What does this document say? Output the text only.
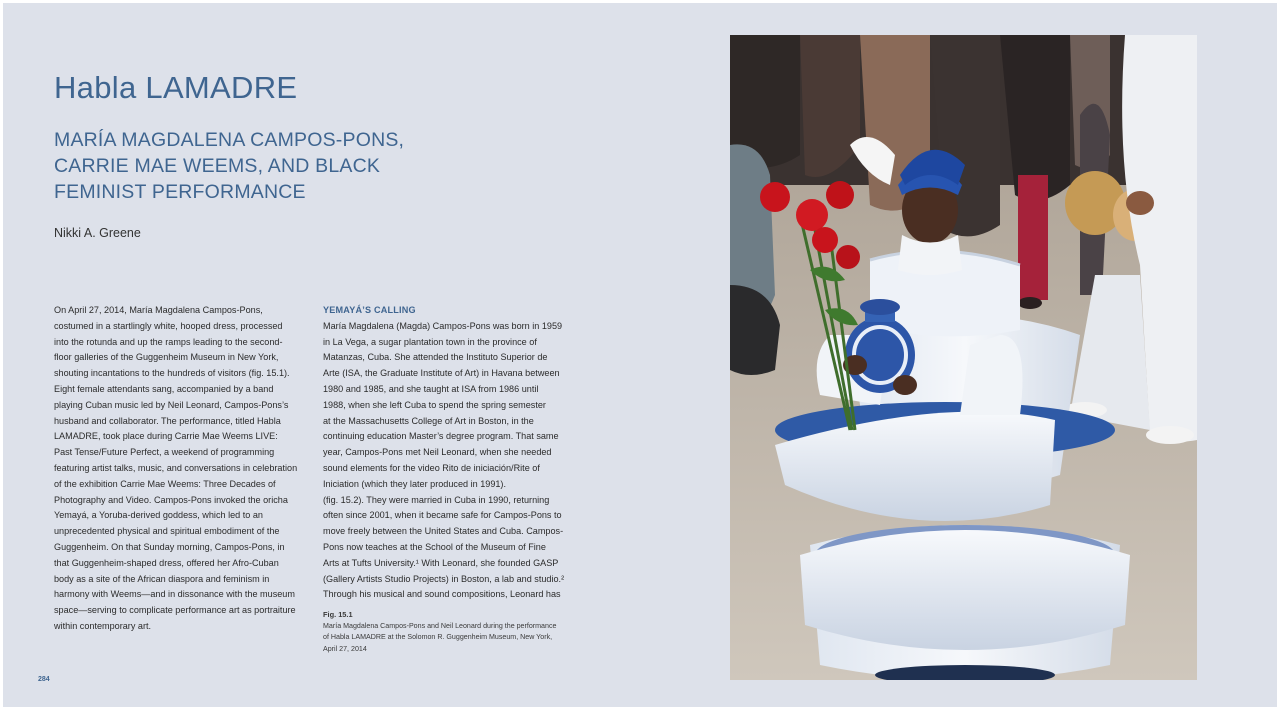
Habla LAMADRE
MARÍA MAGDALENA CAMPOS-PONS,
CARRIE MAE WEEMS, AND BLACK
FEMINIST PERFORMANCE
Nikki A. Greene
On April 27, 2014, María Magdalena Campos-Pons,
costumed in a startlingly white, hooped dress, processed
into the rotunda and up the ramps leading to the second-
floor galleries of the Guggenheim Museum in New York,
shouting incantations to the hundreds of visitors (fig. 15.1).
Eight female attendants sang, accompanied by a band
playing Cuban music led by Neil Leonard, Campos-Pons’s
husband and collaborator. The performance, titled Habla
LAMADRE, took place during Carrie Mae Weems LIVE:
Past Tense/Future Perfect, a weekend of programming
featuring artist talks, music, and conversations in celebration
of the exhibition Carrie Mae Weems: Three Decades of
Photography and Video. Campos-Pons invoked the oricha
Yemayá, a Yoruba-derived goddess, which led to an
unprecedented physical and spiritual embodiment of the
Guggenheim. On that Sunday morning, Campos-Pons, in
that Guggenheim-shaped dress, offered her Afro-Cuban
body as a site of the African diaspora and feminism in
harmony with Weems—and in dissonance with the museum
space—serving to complicate performance art as portraiture
within contemporary art.
YEMAYÁ’S CALLING
María Magdalena (Magda) Campos-Pons was born in 1959
in La Vega, a sugar plantation town in the province of
Matanzas, Cuba. She attended the Instituto Superior de
Arte (ISA, the Graduate Institute of Art) in Havana between
1980 and 1985, and she taught at ISA from 1986 until
1988, when she left Cuba to spend the spring semester
at the Massachusetts College of Art in Boston, in the
continuing education Master’s degree program. That same
year, Campos-Pons met Neil Leonard, when she needed
sound elements for the video Rito de iniciación/Rite of
Iniciation (which they later produced in 1991).
(fig. 15.2). They were married in Cuba in 1990, returning
often since 2001, when it became safe for Campos-Pons to
move freely between the United States and Cuba. Campos-
Pons now teaches at the School of the Museum of Fine
Arts at Tufts University.¹ With Leonard, she founded GASP
(Gallery Artists Studio Projects) in Boston, a lab and studio.²
Through his musical and sound compositions, Leonard has
Fig. 15.1
María Magdalena Campos-Pons and Neil Leonard during the performance
of Habla LAMADRE at the Solomon R. Guggenheim Museum, New York,
April 27, 2014
284
